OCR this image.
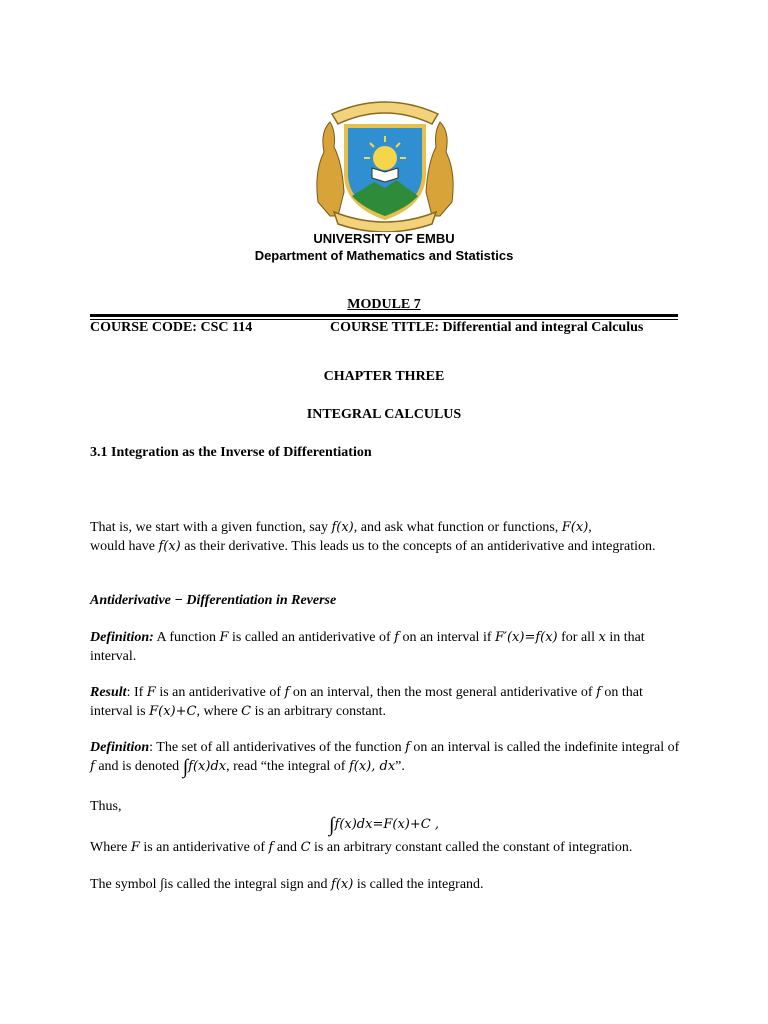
UNIVERSITY OF EMBU
Department of Mathematics and Statistics
MODULE 7
COURSE CODE: CSC 114	COURSE TITLE: Differential and integral Calculus
CHAPTER THREE
INTEGRAL CALCULUS
3.1 Integration as the Inverse of Differentiation
That is, we start with a given function, say f(x), and ask what function or functions, F(x),
would have f(x) as their derivative. This leads us to the concepts of an antiderivative and integration.
Antiderivative − Differentiation in Reverse
Definition: A function F is called an antiderivative of f on an interval if F′(x)=f(x) for all x in that interval.
Result: If F is an antiderivative of f on an interval, then the most general antiderivative of f on that interval is F(x)+C, where C is an arbitrary constant.
Definition: The set of all antiderivatives of the function f on an interval is called the indefinite integral of f and is denoted ∫f(x)dx, read “the integral of f(x), dx”.
Thus,
∫f(x)dx=F(x)+C ,
Where F is an antiderivative of f and C is an arbitrary constant called the constant of integration.
The symbol ∫is called the integral sign and f(x) is called the integrand.
